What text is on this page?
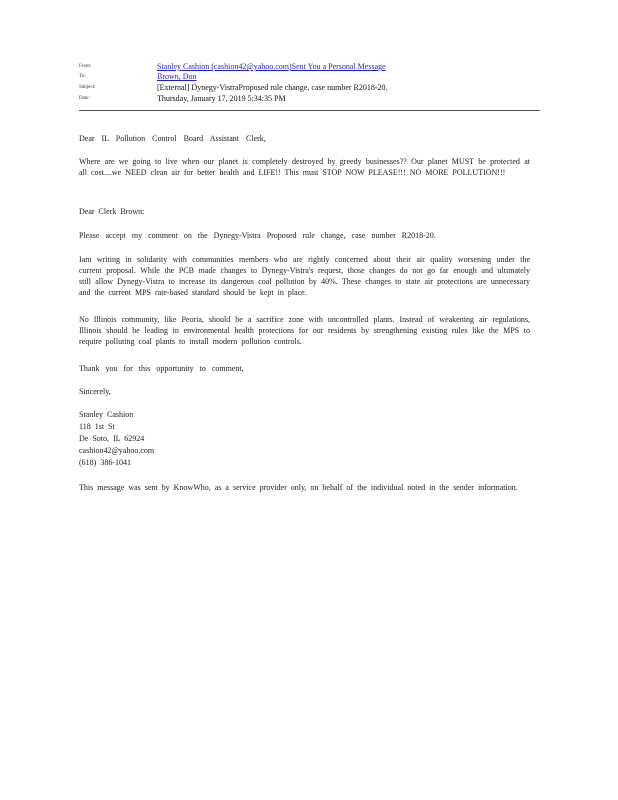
From:	Stanley Cashion (cashion42@yahoo.com)Sent You a Personal Message
To:	Brown, Don
Subject:	[External] Dynegy-VistraProposed rule change, case number R2018-20.
Date:	Thursday, January 17, 2019 5:34:35 PM

Dear IL Pollution Control Board Assistant Clerk,

Where are we going to live when our planet is completely destroyed by greedy businesses?? Our planet MUST be protected at all cost....we NEED clean air for better health and LIFE!! This must STOP NOW PLEASE!!! NO MORE POLLUTION!!!

Dear Clerk Brown:

Please accept my comment on the Dynegy-Vistra Proposed rule change, case number R2018-20.

Iam writing in solidarity with communities members who are rightly concerned about their air quality worsening under the current proposal. While the PCB made changes to Dynegy-Vistra's request, those changes do not go far enough and ultimately still allow Dynegy-Vistra to increase its dangerous coal pollution by 40%. These changes to state air protections are unnecessary and the current MPS rate-based standard should be kept in place.

No Illinois community, like Peoria, should be a sacrifice zone with uncontrolled plants. Instead of weakening air regulations, Illinois should be leading in environmental health protections for our residents by strengthening existing rules like the MPS to require polluting coal plants to install modern pollution controls.

Thank you for this opportunity to comment,

Sincerely,

Stanley Cashion
118 1st St
De Soto, IL 62924
cashion42@yahoo.com
(618) 386-1041

This message was sent by KnowWho, as a service provider only, on behalf of the individual noted in the sender information.
